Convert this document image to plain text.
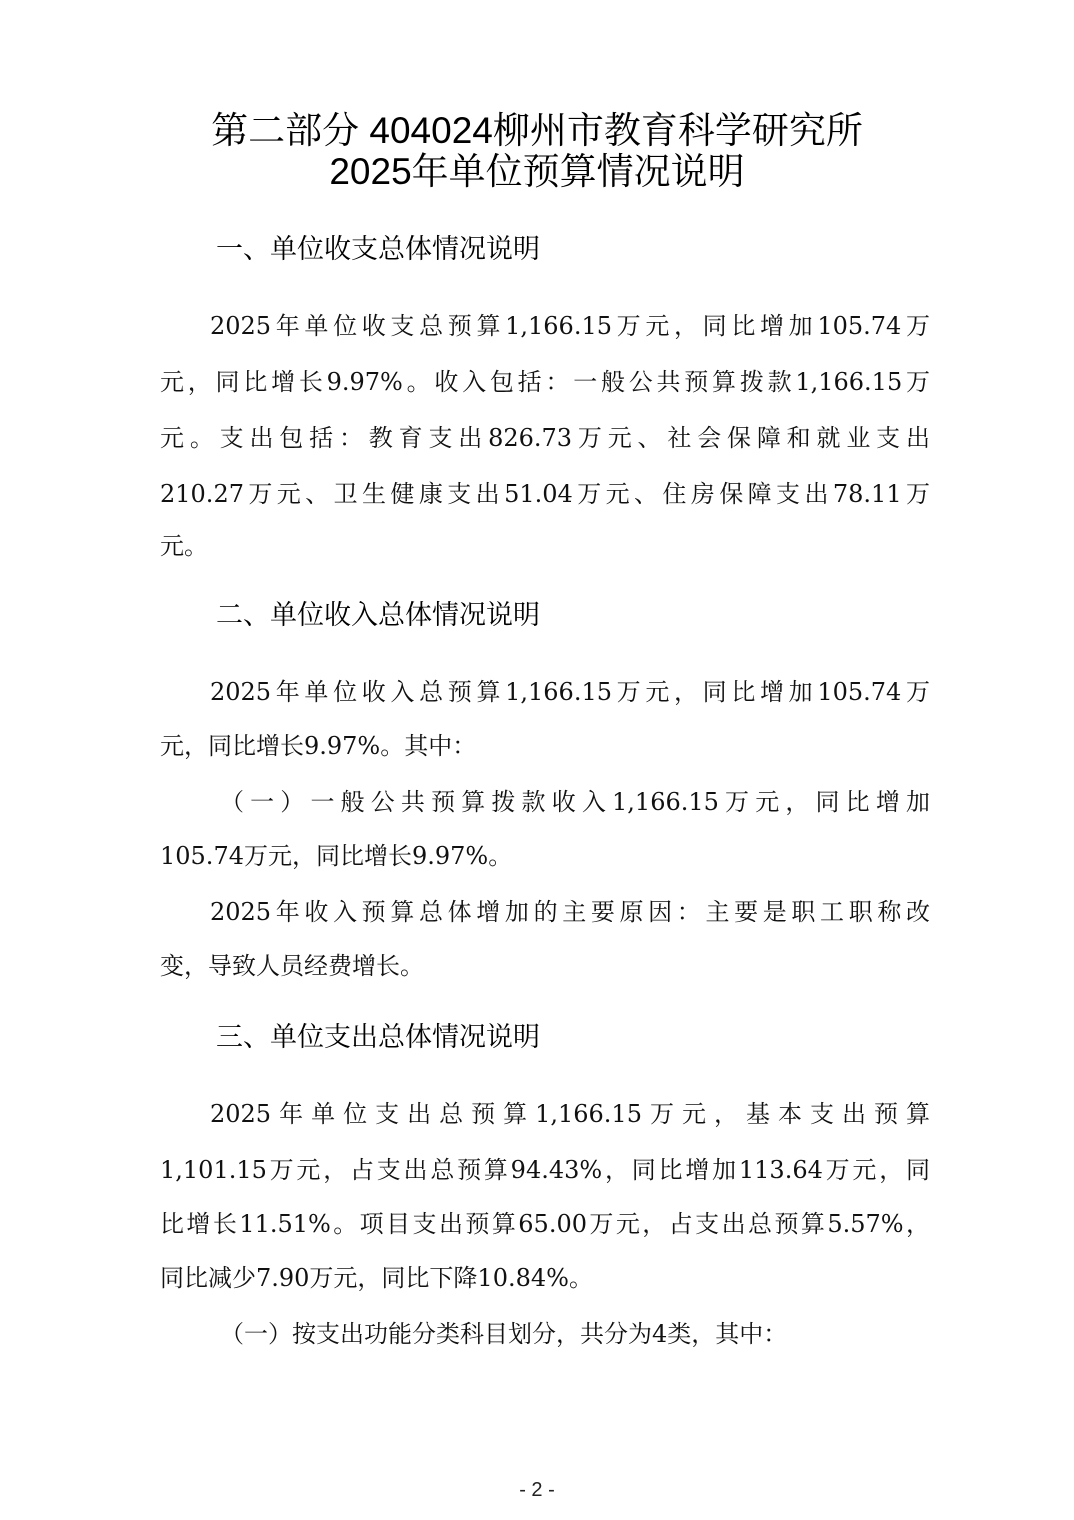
第二部分 404024柳州市教育科学研究所
2025年单位预算情况说明
一、单位收支总体情况说明
2025年单位收支总预算1,166.15万元，同比增加105.74万
元，同比增长9.97%。收入包括：一般公共预算拨款1,166.15万
元。支出包括：教育支出826.73万元、社会保障和就业支出
210.27万元、卫生健康支出51.04万元、住房保障支出78.11万
元。
二、单位收入总体情况说明
2025年单位收入总预算1,166.15万元，同比增加105.74万
元，同比增长9.97%。其中：
（一）一般公共预算拨款收入1,166.15万元，同比增加
105.74万元，同比增长9.97%。
2025年收入预算总体增加的主要原因：主要是职工职称改
变，导致人员经费增长。
三、单位支出总体情况说明
2025年单位支出总预算1,166.15万元，基本支出预算
1,101.15万元，占支出总预算94.43%，同比增加113.64万元，同
比增长11.51%。项目支出预算65.00万元，占支出总预算5.57%，
同比减少7.90万元，同比下降10.84%。
（一）按支出功能分类科目划分，共分为4类，其中：
- 2 -
